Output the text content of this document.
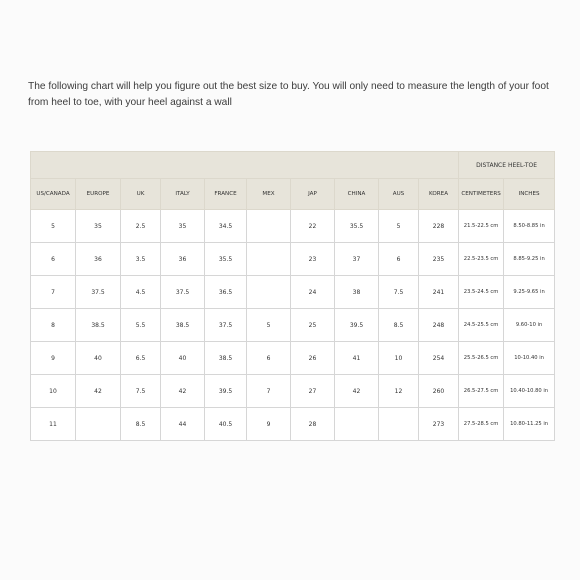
The following chart will help you figure out the best size to buy. You will only need to measure the length of your foot from heel to toe, with your heel against a wall

										DISTANCE HEEL-TOE	
US/CANADA	EUROPE	UK	ITALY	FRANCE	MEX	JAP	CHINA	AUS	KOREA	CENTIMETERS	INCHES
5	35	2.5	35	34.5		22	35.5	5	228	21.5-22.5 cm	8.50-8.85 in
6	36	3.5	36	35.5		23	37	6	235	22.5-23.5 cm	8.85-9.25 in
7	37.5	4.5	37.5	36.5		24	38	7.5	241	23.5-24.5 cm	9.25-9.65 in
8	38.5	5.5	38.5	37.5	5	25	39.5	8.5	248	24.5-25.5 cm	9.60-10 in
9	40	6.5	40	38.5	6	26	41	10	254	25.5-26.5 cm	10-10.40 in
10	42	7.5	42	39.5	7	27	42	12	260	26.5-27.5 cm	10.40-10.80 in
11		8.5	44	40.5	9	28			273	27.5-28.5 cm	10.80-11.25 in
